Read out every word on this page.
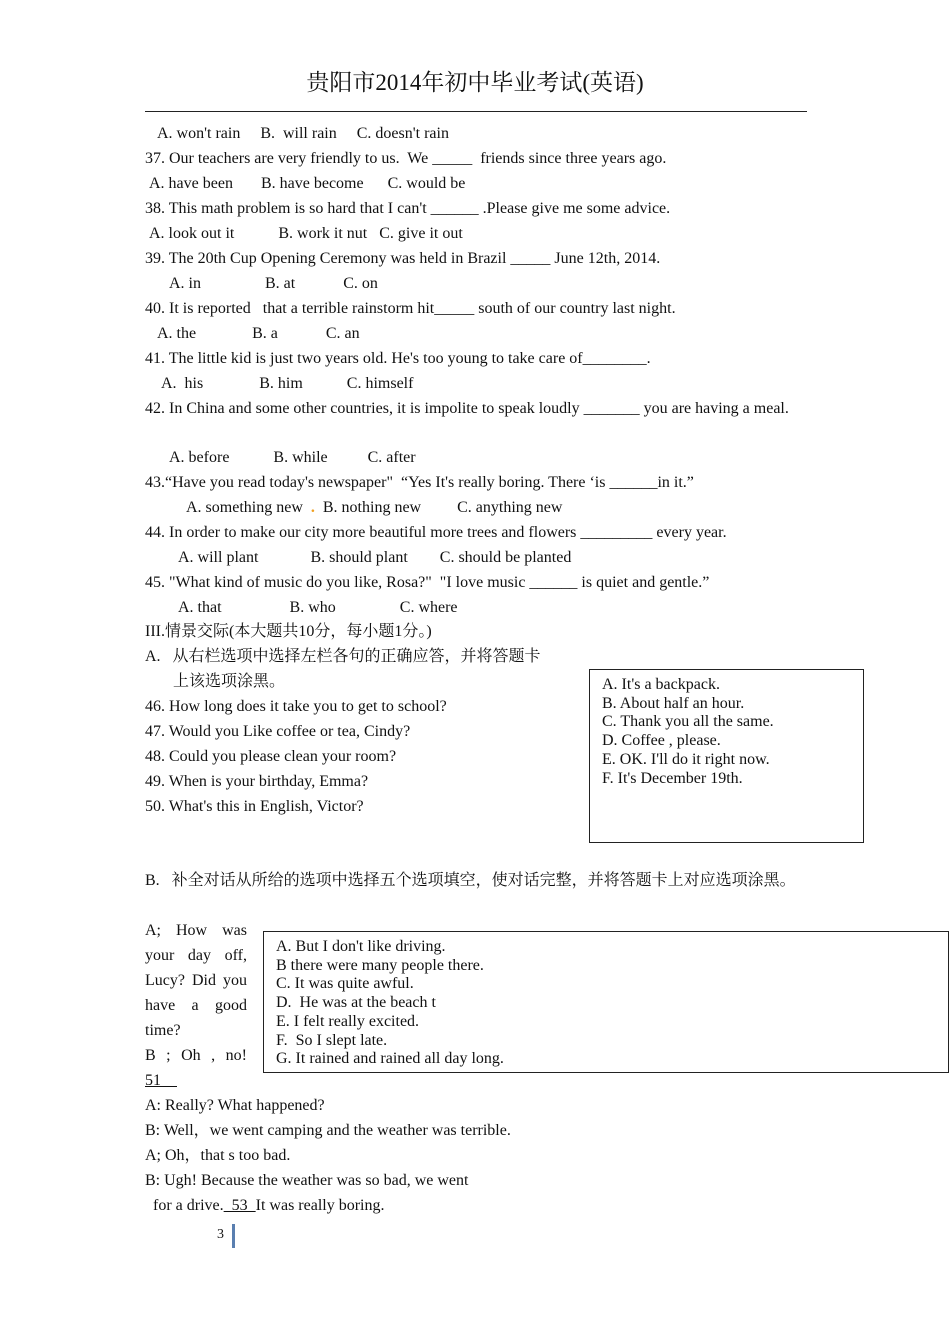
贵阳市2014年初中毕业考试(英语)
A. won't rain     B.  will rain     C. doesn't rain
37. Our teachers are very friendly to us.  We _____  friends since three years ago.
A. have been       B. have become      C. would be
38. This math problem is so hard that I can't ______ .Please give me some advice.
A. look out it           B. work it nut   C. give it out
39. The 20th Cup Opening Ceremony was held in Brazil _____ June 12th, 2014.
A. in                B. at            C. on
40. It is reported   that a terrible rainstorm hit_____ south of our country last night.
A. the              B. a            C. an
41. The little kid is just two years old. He's too young to take care of________.
A.  his              B. him           C. himself
42. In China and some other countries, it is impolite to speak loudly _______ you are having a meal.
A. before           B. while          C. after
43.“Have you read today's newspaper"  “Yes It's really boring. There ‘is ______in it.”
A. something new . B. nothing new         C. anything new
44. In order to make our city more beautiful more trees and flowers _________ every year.
A. will plant             B. should plant        C. should be planted
45. "What kind of music do you like, Rosa?"  "I love music ______ is quiet and gentle.”
A. that                 B. who                C. where
III.情景交际(本大题共10分，每小题1分。)
A.   从右栏选项中选择左栏各句的正确应答，并将答题卡
上该选项涂黑。
46. How long does it take you to get to school?
47. Would you Like coffee or tea, Cindy?
48. Could you please clean your room?
49. When is your birthday, Emma?
50. What's this in English, Victor?
A. It's a backpack.
B. About half an hour.
C. Thank you all the same.
D. Coffee , please.
E. OK. I'll do it right now.
F. It's December 19th.
B.   补全对话从所给的选项中选择五个选项填空，使对话完整，并将答题卡上对应选项涂黑。
A; How was your day off, Lucy? Did you have a good time?
B ; Oh , no!
51
A. But I don't like driving.
B there were many people there.
C. It was quite awful.
D.  He was at the beach t
E. I felt really excited.
F.  So I slept late.
G. It rained and rained all day long.
A: Really? What happened?
B: Well，we went camping and the weather was terrible.
A; Oh，that s too bad.
B: Ugh! Because the weather was so bad, we went
for a drive.  53  It was really boring.
3
